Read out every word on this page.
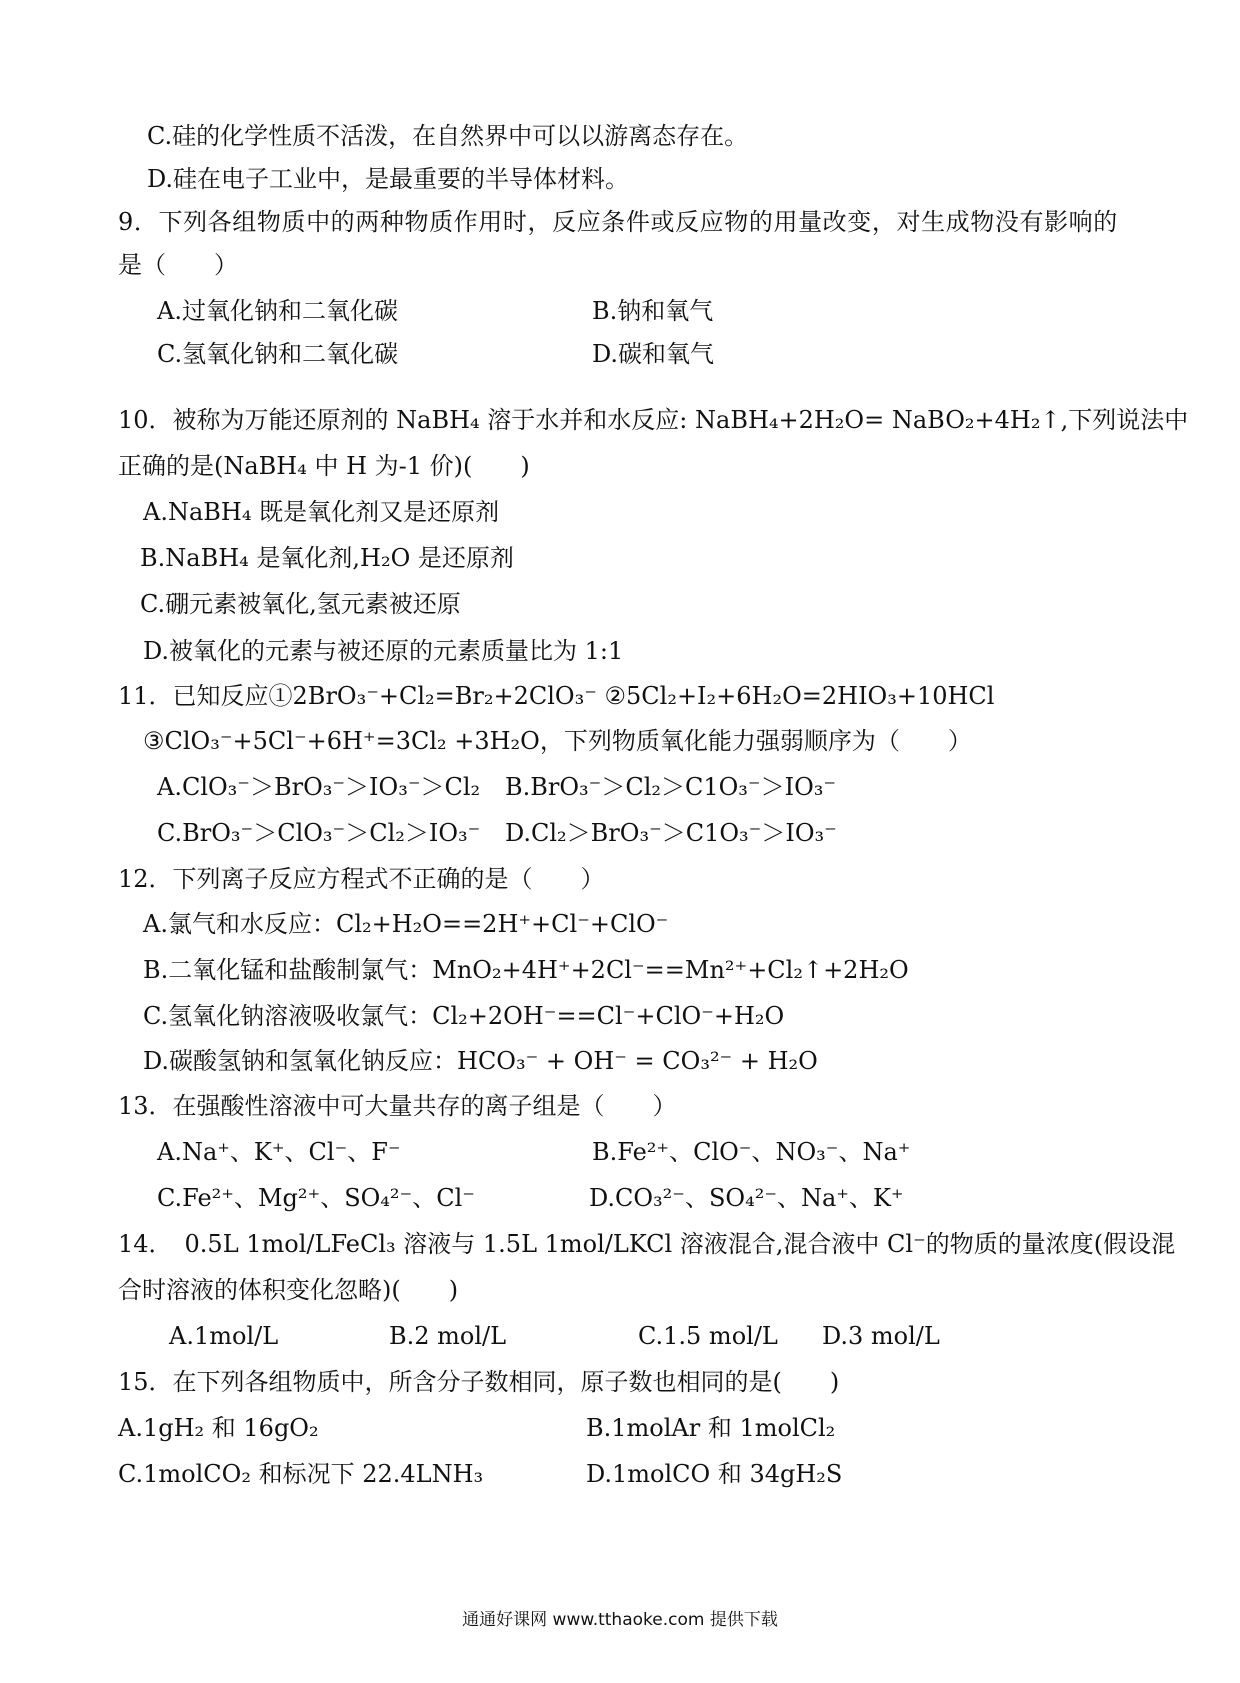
C.硅的化学性质不活泼，在自然界中可以以游离态存在。
D.硅在电子工业中，是最重要的半导体材料。
9．下列各组物质中的两种物质作用时，反应条件或反应物的用量改变，对生成物没有影响的
是（　　）
A.过氧化钠和二氧化碳	B.钠和氧气
C.氢氧化钠和二氧化碳	D.碳和氧气
10．被称为万能还原剂的 NaBH₄ 溶于水并和水反应: NaBH₄+2H₂O= NaBO₂+4H₂↑,下列说法中
正确的是(NaBH₄ 中 H 为-1 价)(　　)
A.NaBH₄ 既是氧化剂又是还原剂
B.NaBH₄ 是氧化剂,H₂O 是还原剂
C.硼元素被氧化,氢元素被还原
D.被氧化的元素与被还原的元素质量比为 1:1
11．已知反应①2BrO₃⁻+Cl₂=Br₂+2ClO₃⁻ ②5Cl₂+I₂+6H₂O=2HIO₃+10HCl
③ClO₃⁻+5Cl⁻+6H⁺=3Cl₂ +3H₂O，下列物质氧化能力强弱顺序为（　　）
A.ClO₃⁻＞BrO₃⁻＞IO₃⁻＞Cl₂ B.BrO₃⁻＞Cl₂＞C1O₃⁻＞IO₃⁻
C.BrO₃⁻＞ClO₃⁻＞Cl₂＞IO₃⁻ D.Cl₂＞BrO₃⁻＞C1O₃⁻＞IO₃⁻
12．下列离子反应方程式不正确的是（　　）
A.氯气和水反应：Cl₂+H₂O==2H⁺+Cl⁻+ClO⁻
B.二氧化锰和盐酸制氯气：MnO₂+4H⁺+2Cl⁻==Mn²⁺+Cl₂↑+2H₂O
C.氢氧化钠溶液吸收氯气：Cl₂+2OH⁻==Cl⁻+ClO⁻+H₂O
D.碳酸氢钠和氢氧化钠反应：HCO₃⁻ + OH⁻ = CO₃²⁻ + H₂O
13．在强酸性溶液中可大量共存的离子组是（　　）
A.Na⁺、K⁺、Cl⁻、F⁻	B.Fe²⁺、ClO⁻、NO₃⁻、Na⁺
C.Fe²⁺、Mg²⁺、SO₄²⁻、Cl⁻	D.CO₃²⁻、SO₄²⁻、Na⁺、K⁺
14．　0.5L 1mol/LFeCl₃ 溶液与 1.5L 1mol/LKCl 溶液混合,混合液中 Cl⁻的物质的量浓度(假设混
合时溶液的体积变化忽略)(　　)
A.1mol/L	B.2 mol/L	C.1.5 mol/L D.3 mol/L
15．在下列各组物质中，所含分子数相同，原子数也相同的是(　　)
A.1gH₂ 和 16gO₂	B.1molAr 和 1molCl₂
C.1molCO₂ 和标况下 22.4LNH₃	D.1molCO 和 34gH₂S
通通好课网 www.tthaoke.com 提供下载
